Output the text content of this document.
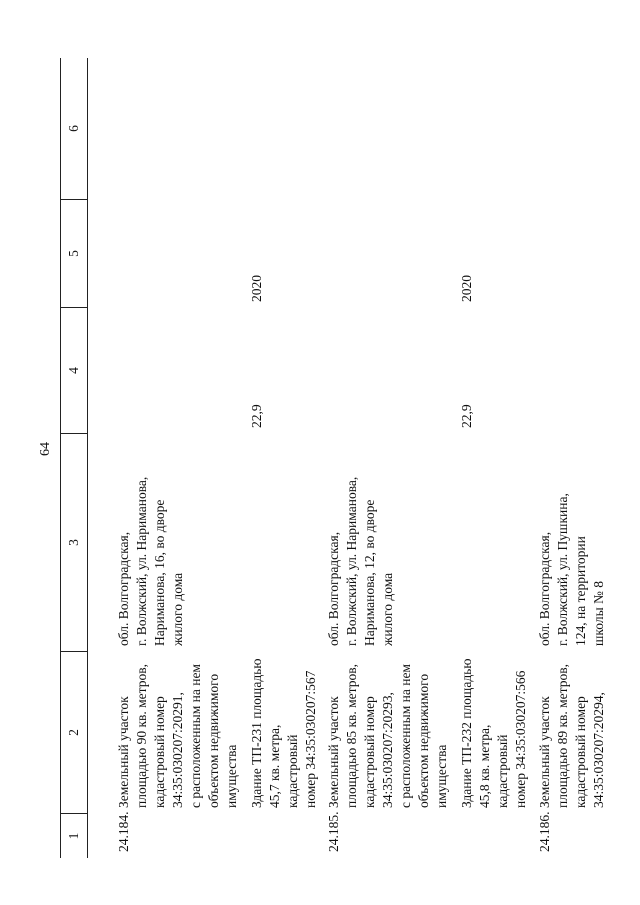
64
1
2
3
4
5
6
24.184.
Земельный участок
площадью 90 кв. метров,
кадастровый номер
34:35:030207:20291,
с расположенным на нем
объектом недвижимого
имущества
обл. Волгоградская,
г. Волжский, ул. Нариманова,
Нариманова, 16, во дворе
жилого дома
Здание ТП-231 площадью
45,7 кв. метра, кадастровый
номер 34:35:030207:567
22,9
2020
24.185.
Земельный участок
площадью 85 кв. метров,
кадастровый номер
34:35:030207:20293,
с расположенным на нем
объектом недвижимого
имущества
обл. Волгоградская,
г. Волжский, ул. Нариманова,
Нариманова, 12, во дворе
жилого дома
Здание ТП-232 площадью
45,8 кв. метра, кадастровый
номер 34:35:030207:566
22,9
2020
24.186.
Земельный участок
площадью 89 кв. метров,
кадастровый номер
34:35:030207:20294,
обл. Волгоградская,
г. Волжский, ул. Пушкина,
124, на территории
школы № 8
